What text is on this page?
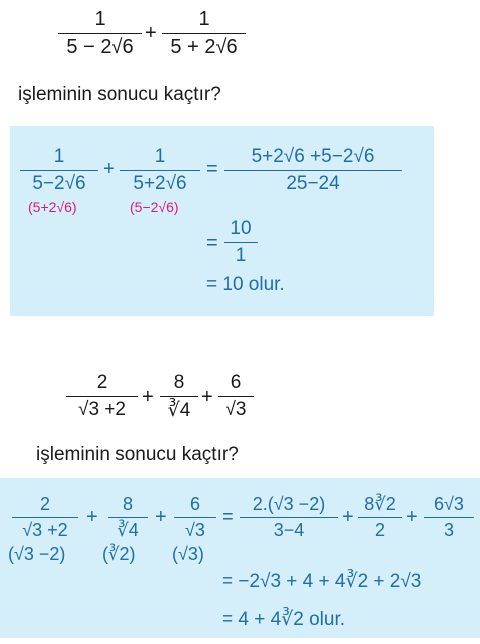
1
5 − 2√6
+
1
5 + 2√6
işleminin sonucu kaçtır?
1
5−2√6
(5+2√6)
+
1
5+2√6
(5−2√6)
=
5+2√6 +5−2√6
25−24
=
10
1
= 10 olur.
2
√3 +2
+
8
∛4
+
6
√3
işleminin sonucu kaçtır?
2
√3 +2
(√3 −2)
+
8
∛4
(∛2)
+
6
√3
(√3)
=
2.(√3 −2)
3−4
+
8∛2
2
+
6√3
3
= −2√3 + 4 + 4∛2 + 2√3
= 4 + 4∛2 olur.
